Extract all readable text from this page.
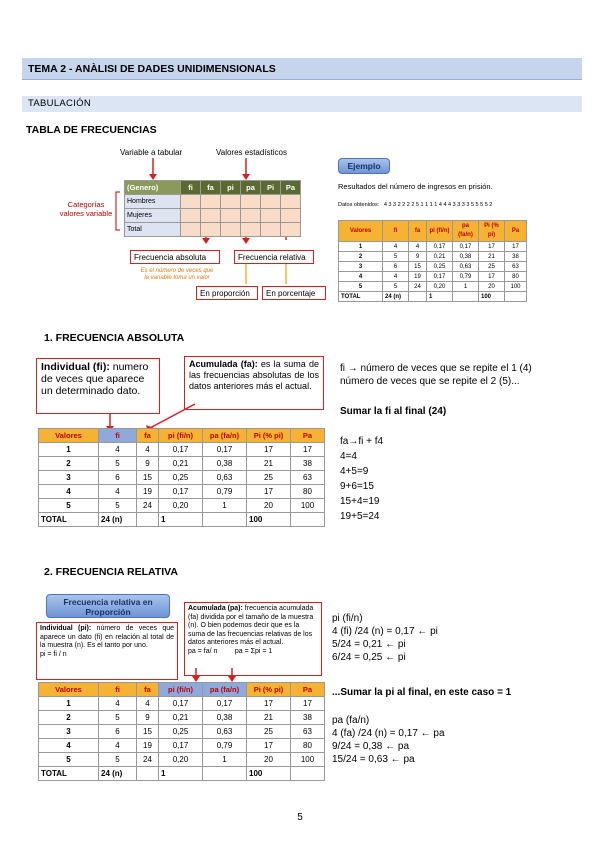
TEMA 2 - ANÀLISI DE DADES UNIDIMENSIONALS
TABULACIÓN
TABLA DE FRECUENCIAS
Variable a tabular	Valores estadísticos
Categorías valores variable
(Genero)	fi	fa	pi	pa	Pi	Pa
Hombres						
Mujeres						
Total						
Frecuencia absoluta	Frecuencia relativa
Es el número de veces que la variable toma un valor
En proporción	En porcentaje
Ejemplo
Resultados del número de ingresos en prisión.
Datos obtenidos: 4 3 3 2 2 2 2 5 1 1 1 1 4 4 4 3 3 3 3 5 5 5 5 2
Valores	fi	fa	pi (fi/n)	pa (fa/n)	Pi (% pi)	Pa
1	4	4	0,17	0,17	17	17
2	5	9	0,21	0,38	21	38
3	6	15	0,25	0,63	25	63
4	4	19	0,17	0,79	17	80
5	5	24	0,20	1	20	100
TOTAL	24 (n)		1		100	
1. FRECUENCIA ABSOLUTA
Individual (fi): numero de veces que aparece un determinado dato.
Acumulada (fa): es la suma de las frecuencias absolutas de los datos anteriores más el actual.
Valores	fi	fa	pi (fi/n)	pa (fa/n)	Pi (% pi)	Pa
1	4	4	0,17	0,17	17	17
2	5	9	0,21	0,38	21	38
3	6	15	0,25	0,63	25	63
4	4	19	0,17	0,79	17	80
5	5	24	0,20	1	20	100
TOTAL	24 (n)		1		100	
fi → número de veces que se repite el 1 (4)
número de veces que se repite el 2 (5)...
Sumar la fi al final (24)
fa→fi + f4
4=4
4+5=9
9+6=15
15+4=19
19+5=24
2. FRECUENCIA RELATIVA
Frecuencia relativa en Proporción
Individual (pi): número de veces que aparece un dato (fi) en relación al total de la muestra (n). Es el tanto por uno.
pi = fi / n
Acumulada (pa): frecuencia acumulada (fa) dividida por el tamaño de la muestra (n). O bien podemos decir que es la suma de las frecuencias relativas de los datos anteriores más el actual.
pa = fa/ n         pa = Σpi = 1
Valores	fi	fa	pi (fi/n)	pa (fa/n)	Pi (% pi)	Pa
1	4	4	0,17	0,17	17	17
2	5	9	0,21	0,38	21	38
3	6	15	0,25	0,63	25	63
4	4	19	0,17	0,79	17	80
5	5	24	0,20	1	20	100
TOTAL	24 (n)		1		100	
pi (fi/n)
4 (fi) /24 (n) = 0,17 ← pi
5/24 = 0,21 ← pi
6/24 = 0,25 ← pi
...Sumar la pi al final, en este caso = 1
pa (fa/n)
4 (fa) /24 (n) = 0,17 ← pa
9/24 = 0,38 ← pa
15/24 = 0,63 ← pa
5
